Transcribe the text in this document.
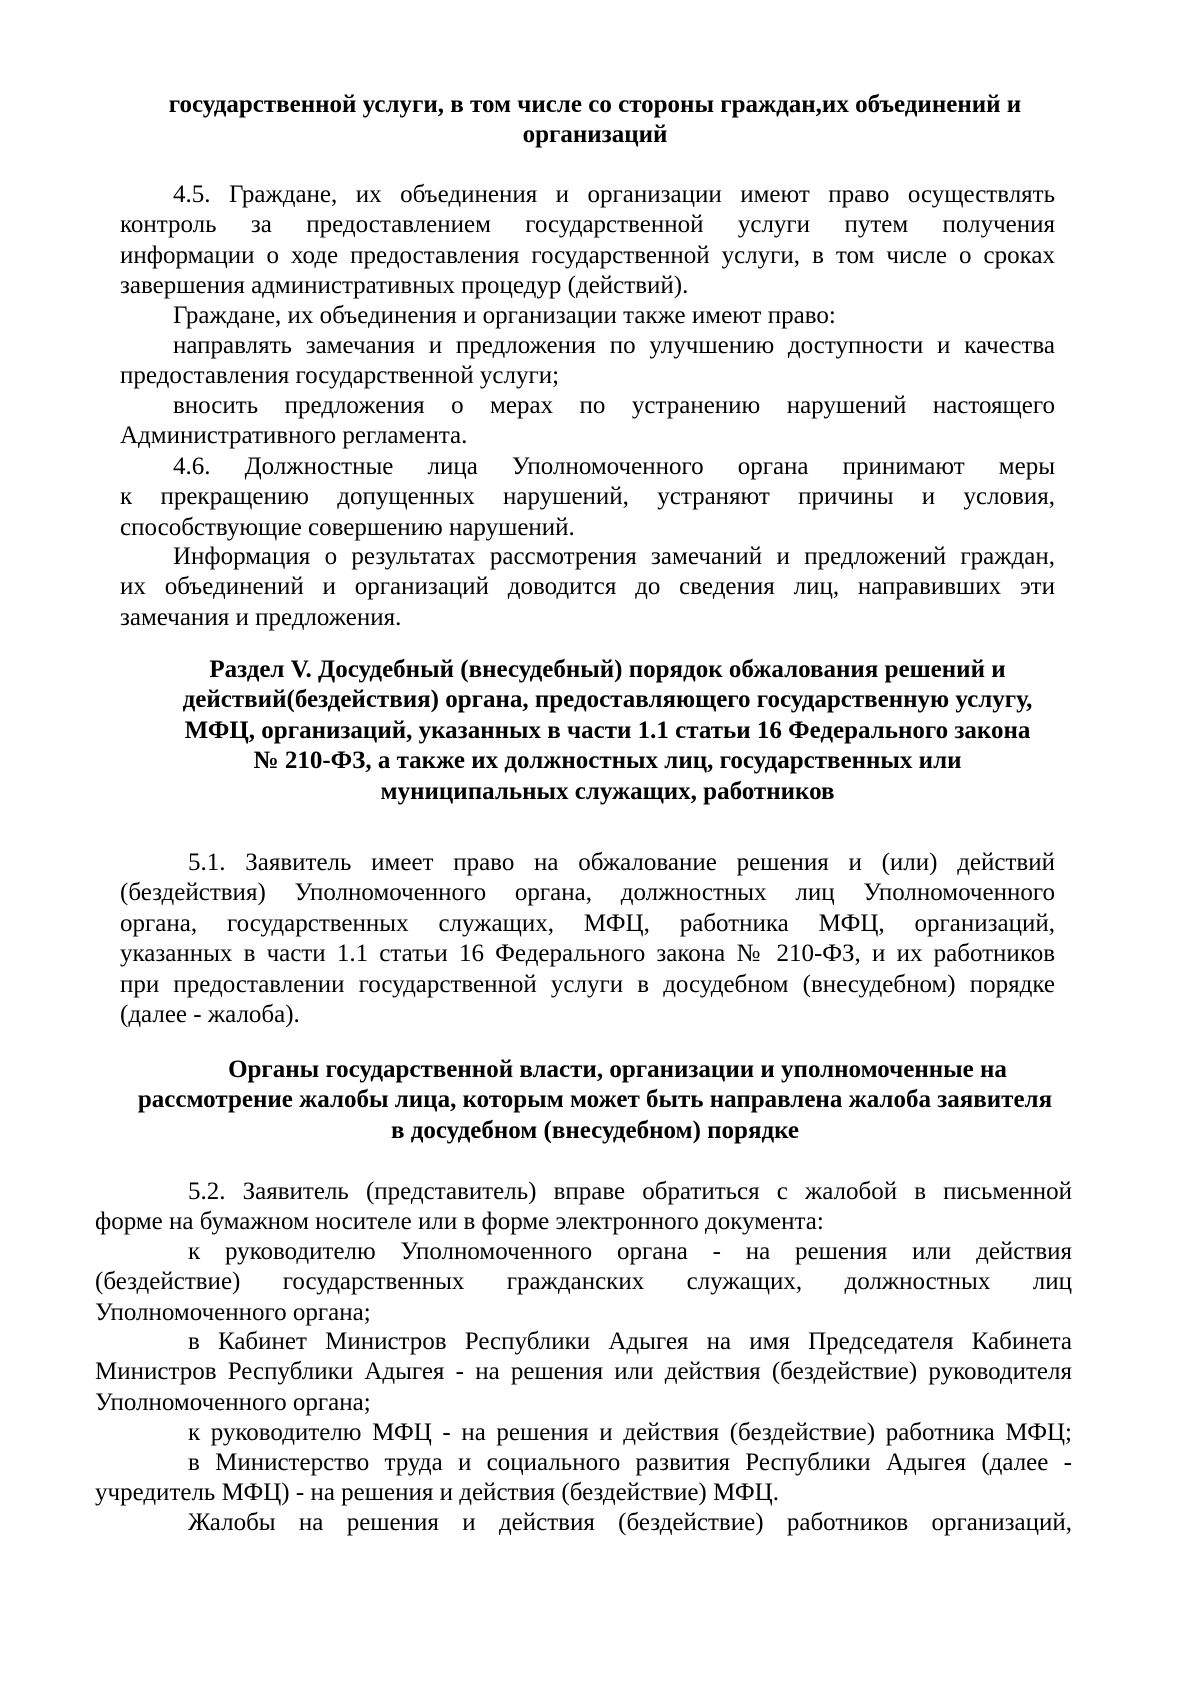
государственной услуги, в том числе со стороны граждан,их объединений и
организаций
4.5. Граждане, их объединения и организации имеют право осуществлять
контроль за предоставлением государственной услуги путем получения
информации о ходе предоставления государственной услуги, в том числе о сроках
завершения административных процедур (действий).
Граждане, их объединения и организации также имеют право:
направлять замечания и предложения по улучшению доступности и качества
предоставления государственной услуги;
вносить предложения о мерах по устранению нарушений настоящего
Административного регламента.
4.6. Должностные лица Уполномоченного органа принимают меры
к прекращению допущенных нарушений, устраняют причины и условия,
способствующие совершению нарушений.
Информация о результатах рассмотрения замечаний и предложений граждан,
их объединений и организаций доводится до сведения лиц, направивших эти
замечания и предложения.
Раздел V. Досудебный (внесудебный) порядок обжалования решений и
действий(бездействия) органа, предоставляющего государственную услугу,
МФЦ, организаций, указанных в части 1.1 статьи 16 Федерального закона
№ 210-ФЗ, а также их должностных лиц, государственных или
муниципальных служащих, работников
5.1. Заявитель имеет право на обжалование решения и (или) действий
(бездействия) Уполномоченного органа, должностных лиц Уполномоченного
органа, государственных служащих, МФЦ, работника МФЦ, организаций,
указанных в части 1.1 статьи 16 Федерального закона № 210-ФЗ, и их работников
при предоставлении государственной услуги в досудебном (внесудебном) порядке
(далее - жалоба).
Органы государственной власти, организации и уполномоченные на
рассмотрение жалобы лица, которым может быть направлена жалоба заявителя
в досудебном (внесудебном) порядке
5.2. Заявитель (представитель) вправе обратиться с жалобой в письменной
форме на бумажном носителе или в форме электронного документа:
к руководителю Уполномоченного органа - на решения или действия
(бездействие) государственных гражданских служащих, должностных лиц
Уполномоченного органа;
в Кабинет Министров Республики Адыгея на имя Председателя Кабинета
Министров Республики Адыгея - на решения или действия (бездействие) руководителя
Уполномоченного органа;
к руководителю МФЦ - на решения и действия (бездействие) работника МФЦ;
в Министерство труда и социального развития Республики Адыгея (далее -
учредитель МФЦ) - на решения и действия (бездействие) МФЦ.
Жалобы на решения и действия (бездействие) работников организаций,
